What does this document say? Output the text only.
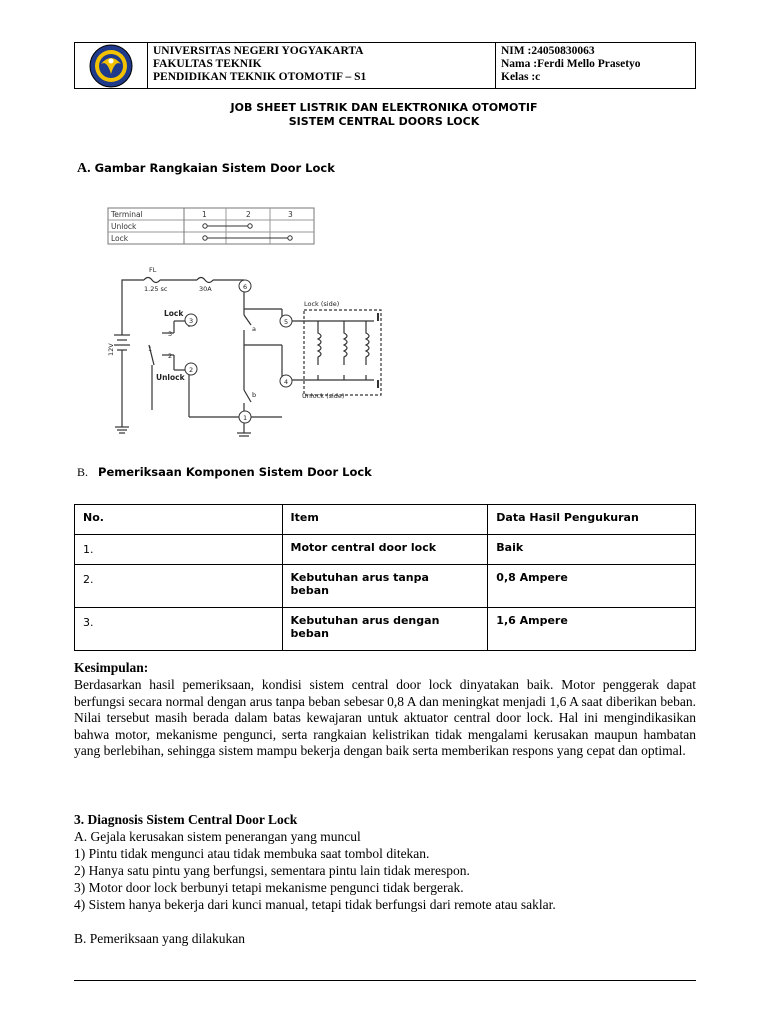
UNIVERSITAS NEGERI YOGYAKARTA
FAKULTAS TEKNIK
PENDIDIKAN TEKNIK OTOMOTIF – S1
NIM :24050830063
Nama :Ferdi Mello Prasetyo
Kelas :c
JOB SHEET LISTRIK DAN ELEKTRONIKA OTOMOTIF
SISTEM CENTRAL DOORS LOCK
A. Gambar Rangkaian Sistem Door Lock
Terminal	1	2	3
Unlock
Lock
3
2
6
5
4
1
FL
1.25 sc	30A
12V
a
b
Lock (side)
Unlock (side)
3
1
2
Lock
Unlock
B. Pemeriksaan Komponen Sistem Door Lock
No.	Item	Data Hasil Pengukuran
1.	Motor central door lock	Baik
2.	Kebutuhan arus tanpa beban	0,8 Ampere
3.	Kebutuhan arus dengan beban	1,6 Ampere
Kesimpulan:
Berdasarkan hasil pemeriksaan, kondisi sistem central door lock dinyatakan baik. Motor penggerak dapat berfungsi secara normal dengan arus tanpa beban sebesar 0,8 A dan meningkat menjadi 1,6 A saat diberikan beban. Nilai tersebut masih berada dalam batas kewajaran untuk aktuator central door lock. Hal ini mengindikasikan bahwa motor, mekanisme pengunci, serta rangkaian kelistrikan tidak mengalami kerusakan maupun hambatan yang berlebihan, sehingga sistem mampu bekerja dengan baik serta memberikan respons yang cepat dan optimal.
3. Diagnosis Sistem Central Door Lock
A. Gejala kerusakan sistem penerangan yang muncul
1) Pintu tidak mengunci atau tidak membuka saat tombol ditekan.
2) Hanya satu pintu yang berfungsi, sementara pintu lain tidak merespon.
3) Motor door lock berbunyi tetapi mekanisme pengunci tidak bergerak.
4) Sistem hanya bekerja dari kunci manual, tetapi tidak berfungsi dari remote atau saklar.
B. Pemeriksaan yang dilakukan
